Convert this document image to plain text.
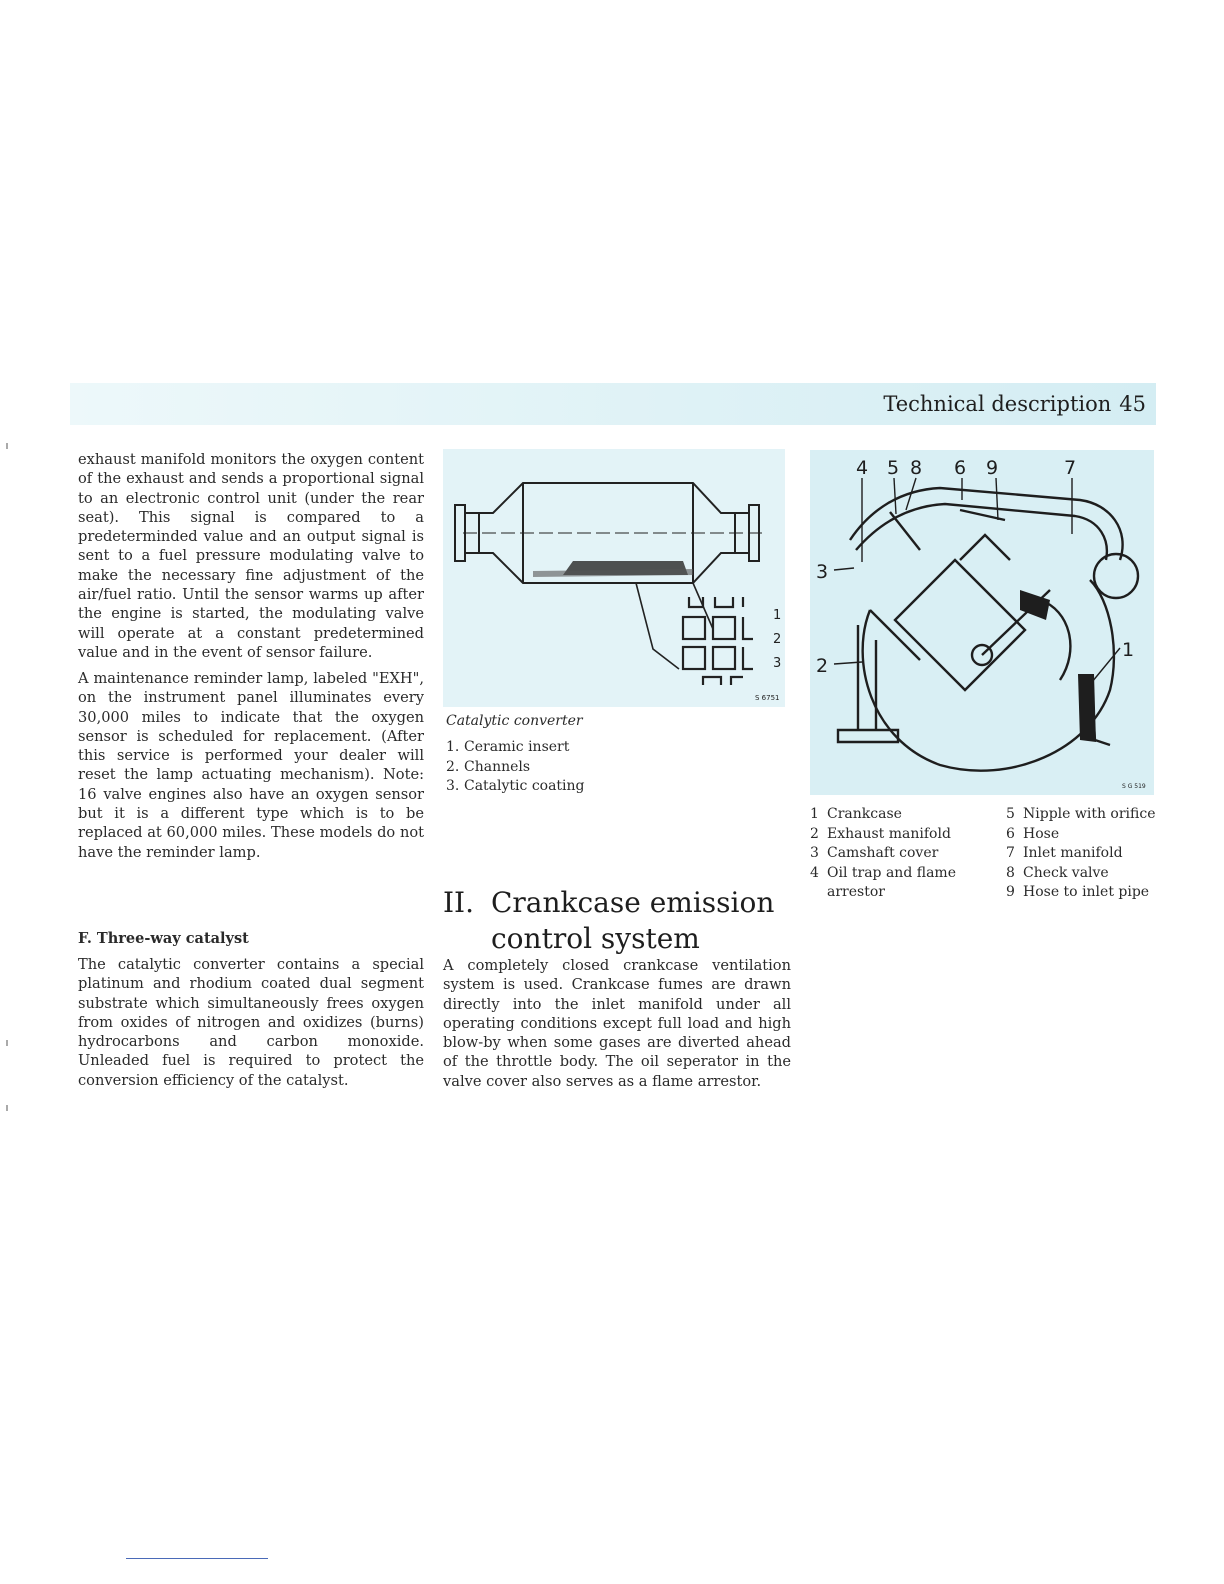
Technical description 45

exhaust manifold monitors the oxygen content of the exhaust and sends a proportional signal to an electronic control unit (under the rear seat). This signal is compared to a predeterminded value and an output signal is sent to a fuel pressure modulating valve to make the necessary fine adjustment of the air/fuel ratio. Until the sensor warms up after the engine is started, the modulating valve will operate at a constant predetermined value and in the event of sensor failure.

A maintenance reminder lamp, labeled "EXH", on the instrument panel illuminates every 30,000 miles to indicate that the oxygen sensor is scheduled for replacement. (After this service is performed your dealer will reset the lamp actuating mechanism). Note: 16 valve engines also have an oxygen sensor but it is a different type which is to be replaced at 60,000 miles. These models do not have the reminder lamp.

F. Three-way catalyst

The catalytic converter contains a special platinum and rhodium coated dual segment substrate which simultaneously frees oxygen from oxides of nitrogen and oxidizes (burns) hydrocarbons and carbon monoxide. Unleaded fuel is required to protect the conversion efficiency of the catalyst.

1
2
3
S 6751

Catalytic converter

1. Ceramic insert
2. Channels
3. Catalytic coating
II. Crankcase emission
control system

A completely closed crankcase ventilation system is used. Crankcase fumes are drawn directly into the inlet manifold under all operating conditions except full load and high blow-by when some gases are diverted ahead of the throttle body. The oil seperator in the valve cover also serves as a flame arrestor.

4 5 8 6 9	7
3
2
1
S G 519
1 Crankcase
2 Exhaust manifold
3 Camshaft cover
4 Oil trap and flame arrestor
5 Nipple with orifice
6 Hose
7 Inlet manifold
8 Check valve
9 Hose to inlet pipe
